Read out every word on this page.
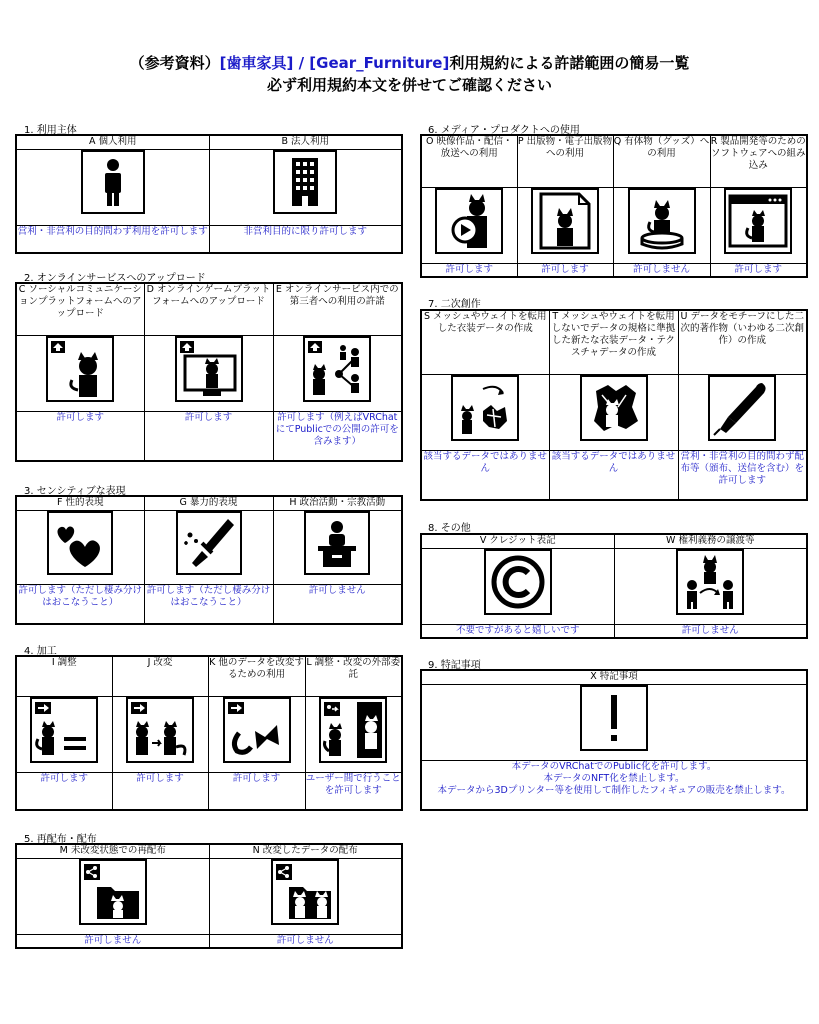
（参考資料）[歯車家具] / [Gear_Furniture]利用規約による許諾範囲の簡易一覧
必ず利用規約本文を併せてご確認ください
1. 利用主体
A 個人利用	B 法人利用

営利・非営利の目的問わず利用を許可します	非営利目的に限り許可します
2. オンラインサービスへのアップロード
C ソーシャルコミュニケーションプラットフォームへのアップロード	D オンラインゲームプラットフォームへのアップロード	E オンラインサービス内での第三者への利用の許諾

許可します	許可します	許可します（例えばVRChatにてPublicでの公開の許可を含みます）
3. センシティブな表現
F 性的表現	G 暴力的表現	H 政治活動・宗教活動

許可します（ただし棲み分けはおこなうこと）	許可します（ただし棲み分けはおこなうこと）	許可しません
4. 加工
I 調整	J 改変	K 他のデータを改変するための利用	L 調整・改変の外部委託

許可します	許可します	許可します	ユーザー間で行うことを許可します
5. 再配布・配布
M 未改変状態での再配布	N 改変したデータの配布

許可しません	許可しません
6. メディア・プロダクトへの使用
O 映像作品・配信・放送への利用	P 出版物・電子出版物への利用	Q 有体物（グッズ）への利用	R 製品開発等のためのソフトウェアへの組み込み

許可します	許可します	許可しません	許可します
7. 二次創作
S メッシュやウェイトを転用した衣装データの作成	T メッシュやウェイトを転用しないでデータの規格に準拠した新たな衣装データ・テクスチャデータの作成	U データをモチーフにした二次的著作物（いわゆる二次創作）の作成

該当するデータではありません	該当するデータではありません	営利・非営利の目的問わず配布等（頒布、送信を含む）を許可します
8. その他
V クレジット表記	W 権利義務の譲渡等

不要ですがあると嬉しいです	許可しません
9. 特記事項
X 特記事項

本データのVRChatでのPublic化を許可します。
本データのNFT化を禁止します。
本データから3Dプリンター等を使用して制作したフィギュアの販売を禁止します。
